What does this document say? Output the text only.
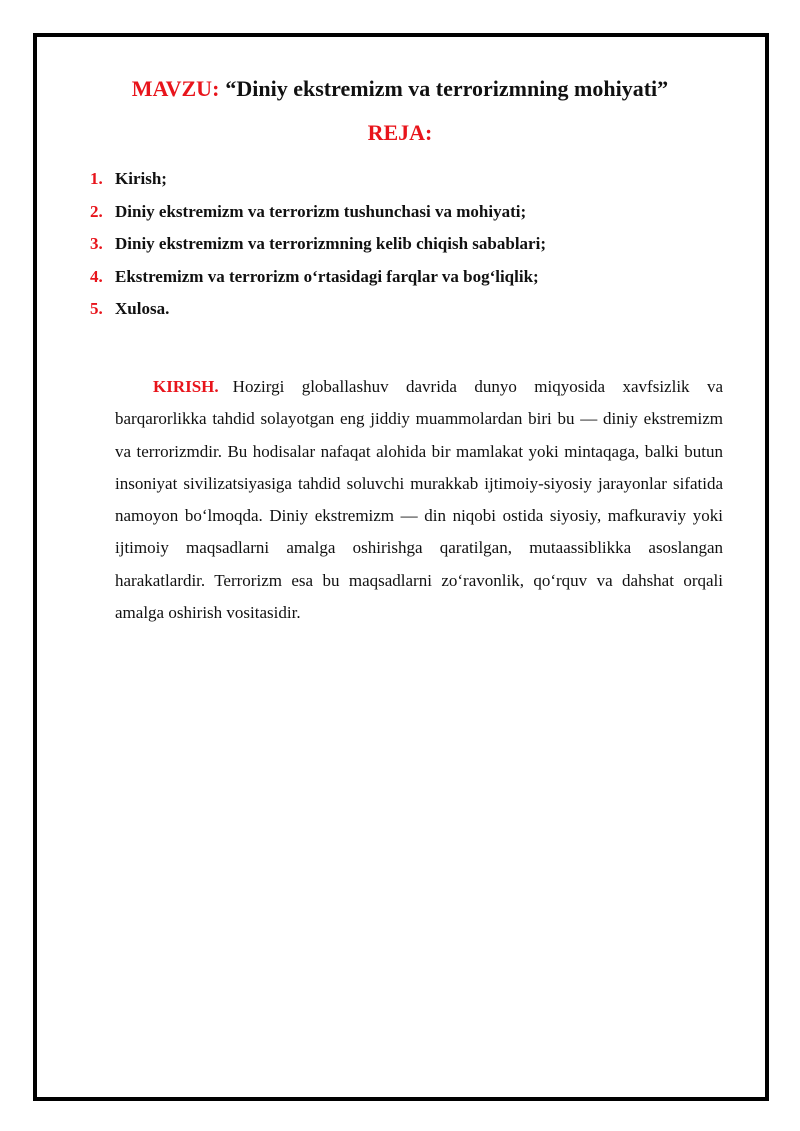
MAVZU: “Diniy ekstremizm va terrorizmning mohiyati”
REJA:
1. Kirish;
2. Diniy ekstremizm va terrorizm tushunchasi va mohiyati;
3. Diniy ekstremizm va terrorizmning kelib chiqish sabablari;
4. Ekstremizm va terrorizm o‘rtasidagi farqlar va bog‘liqlik;
5. Xulosa.

KIRISH. Hozirgi globallashuv davrida dunyo miqyosida xavfsizlik va barqarorlikka tahdid solayotgan eng jiddiy muammolardan biri bu — diniy ekstremizm va terrorizmdir. Bu hodisalar nafaqat alohida bir mamlakat yoki mintaqaga, balki butun insoniyat sivilizatsiyasiga tahdid soluvchi murakkab ijtimoiy-siyosiy jarayonlar sifatida namoyon bo‘lmoqda. Diniy ekstremizm — din niqobi ostida siyosiy, mafkuraviy yoki ijtimoiy maqsadlarni amalga oshirishga qaratilgan, mutaassiblikka asoslangan harakatlardir. Terrorizm esa bu maqsadlarni zo‘ravonlik, qo‘rquv va dahshat orqali amalga oshirish vositasidir.
